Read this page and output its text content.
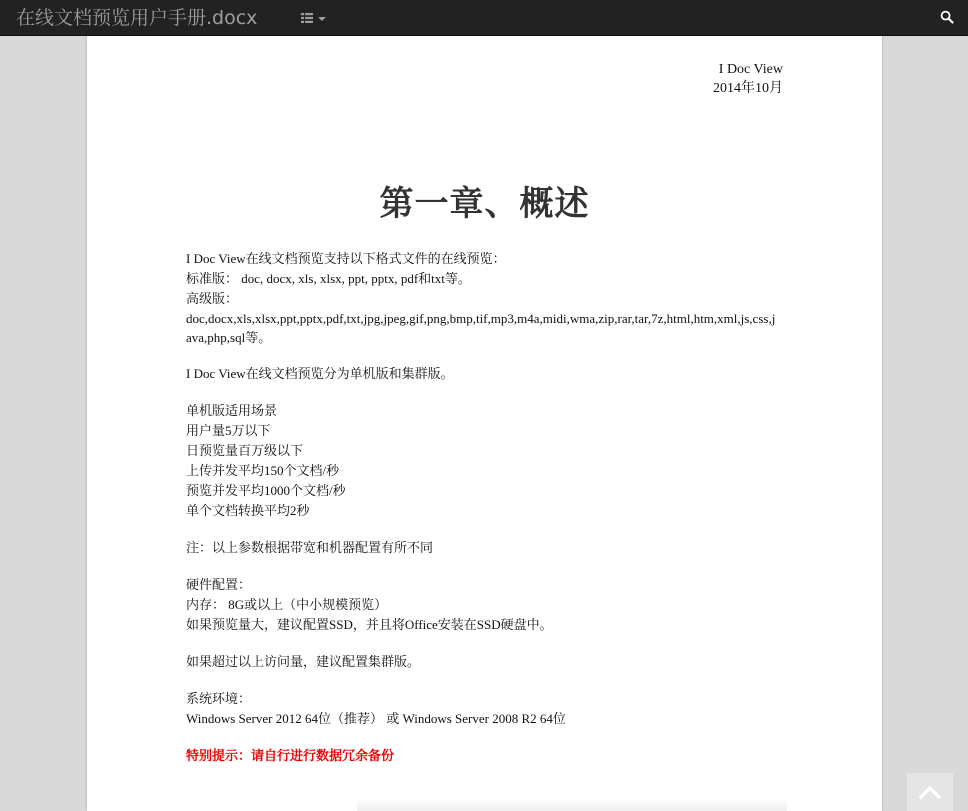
在线文档预览用户手册.docx
I Doc View
2014年10月
第一章、概述

I Doc View在线文档预览支持以下格式文件的在线预览：

标准版： doc, docx, xls, xlsx, ppt, pptx, pdf和txt等。

高级版：

doc,docx,xls,xlsx,ppt,pptx,pdf,txt,jpg,jpeg,gif,png,bmp,tif,mp3,m4a,midi,wma,zip,rar,tar,7z,html,htm,xml,js,css,java,php,sql等。

I Doc View在线文档预览分为单机版和集群版。

单机版适用场景

用户量5万以下

日预览量百万级以下

上传并发平均150个文档/秒

预览并发平均1000个文档/秒

单个文档转换平均2秒

注：以上参数根据带宽和机器配置有所不同

硬件配置：

内存： 8G或以上（中小规模预览）

如果预览量大，建议配置SSD，并且将Office安装在SSD硬盘中。

如果超过以上访问量，建议配置集群版。

系统环境：

Windows Server 2012 64位（推荐） 或 Windows Server 2008 R2 64位

特别提示：请自行进行数据冗余备份
